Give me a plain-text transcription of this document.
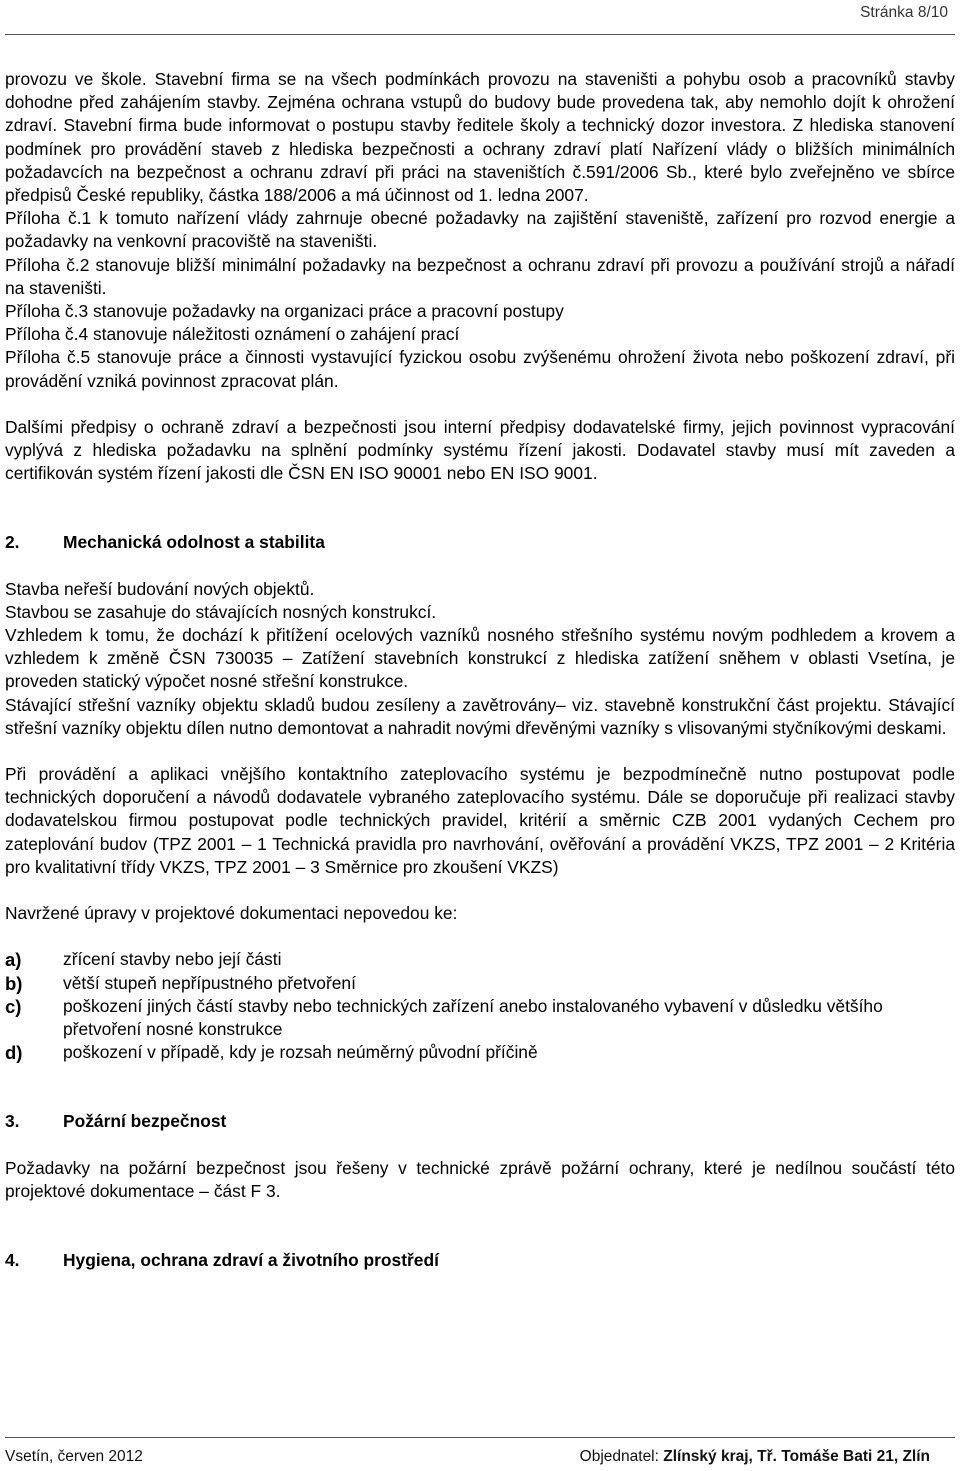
Stránka 8/10

provozu ve škole. Stavební firma se na všech podmínkách provozu na staveništi a pohybu osob a pracovníků stavby dohodne před zahájením stavby. Zejména ochrana vstupů do budovy bude provedena tak, aby nemohlo dojít k ohrožení zdraví. Stavební firma bude informovat o postupu stavby ředitele školy a technický dozor investora. Z hlediska stanovení podmínek pro provádění staveb z hlediska bezpečnosti a ochrany zdraví platí Nařízení vlády o bližších minimálních požadavcích na bezpečnost a ochranu zdraví při práci na staveništích č.591/2006 Sb., které bylo zveřejněno ve sbírce předpisů České republiky, částka 188/2006 a má účinnost od 1. ledna 2007.

Příloha č.1 k tomuto nařízení vlády zahrnuje obecné požadavky na zajištění staveniště, zařízení pro rozvod energie a požadavky na venkovní pracoviště na staveništi.

Příloha č.2 stanovuje bližší minimální požadavky na bezpečnost a ochranu zdraví při provozu a používání strojů a nářadí na staveništi.

Příloha č.3 stanovuje požadavky na organizaci práce a pracovní postupy

Příloha č.4 stanovuje náležitosti oznámení o zahájení prací

Příloha č.5 stanovuje práce a činnosti vystavující fyzickou osobu zvýšenému ohrožení života nebo poškození zdraví, při provádění vzniká povinnost zpracovat plán.

Dalšími předpisy o ochraně zdraví a bezpečnosti jsou interní předpisy dodavatelské firmy, jejich povinnost vypracování vyplývá z hlediska požadavku na splnění podmínky systému řízení jakosti. Dodavatel stavby musí mít zaveden a certifikován systém řízení jakosti dle ČSN EN ISO 90001 nebo EN ISO 9001.

2.	Mechanická odolnost a stabilita

Stavba neřeší budování nových objektů.

Stavbou se zasahuje do stávajících nosných konstrukcí.

Vzhledem k tomu, že dochází k přitížení ocelových vazníků nosného střešního systému novým podhledem a krovem a vzhledem k změně ČSN 730035 – Zatížení stavebních konstrukcí z hlediska zatížení sněhem v oblasti Vsetína, je proveden statický výpočet nosné střešní konstrukce.

Stávající střešní vazníky objektu skladů budou zesíleny a zavětrovány– viz. stavebně konstrukční část projektu. Stávající střešní vazníky objektu dílen nutno demontovat a nahradit novými dřevěnými vazníky s vlisovanými styčníkovými deskami.

Při provádění a aplikaci vnějšího kontaktního zateplovacího systému je bezpodmínečně nutno postupovat podle technických doporučení a návodů dodavatele vybraného zateplovacího systému. Dále se doporučuje při realizaci stavby dodavatelskou firmou postupovat podle technických pravidel, kritérií a směrnic CZB 2001 vydaných Cechem pro zateplování budov (TPZ 2001 – 1 Technická pravidla pro navrhování, ověřování a provádění VKZS, TPZ 2001 – 2 Kritéria pro kvalitativní třídy VKZS, TPZ 2001 – 3 Směrnice pro zkoušení VKZS)

Navržené úpravy v projektové dokumentaci nepovedou ke:

a)	zřícení stavby nebo její části
b)	větší stupeň nepřípustného přetvoření
c)	poškození jiných částí stavby nebo technických zařízení anebo instalovaného vybavení v důsledku většího přetvoření nosné konstrukce
d)	poškození v případě, kdy je rozsah neúměrný původní příčině
3.	Požární bezpečnost

Požadavky na požární bezpečnost jsou řešeny v technické zprávě požární ochrany, které je nedílnou součástí této projektové dokumentace – část F 3.

4.	Hygiena, ochrana zdraví a životního prostředí
Vsetín, červen 2012	Objednatel: Zlínský kraj, Tř. Tomáše Bati 21, Zlín
